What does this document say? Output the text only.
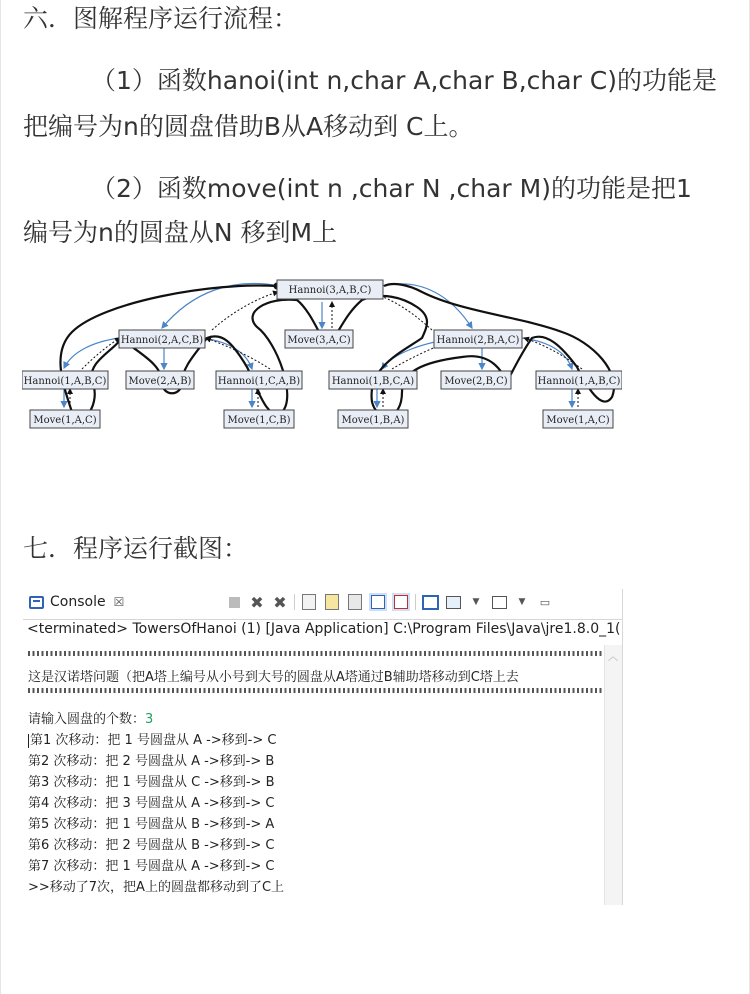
六．图解程序运行流程：
（1）函数hanoi(int n,char A,char B,char C)的功能是
把编号为n的圆盘借助B从A移动到 C上。
（2）函数move(int n ,char N ,char M)的功能是把1
编号为n的圆盘从N 移到M上
Hannoi(3,A,B,C)
Hannoi(2,A,C,B)	Move(3,A,C)	Hannoi(2,B,A,C)
Hannoi(1,A,B,C) Move(2,A,B)	Hannoi(1,C,A,B)	Hannoi(1,B,C,A)	Move(2,B,C)	Hannoi(1,A,B,C)
Move(1,A,C)	Move(1,C,B)	Move(1,B,A)	Move(1,A,C)
七．程序运行截图：
Console ☒	✖ ✖	▼	▼	▭
<terminated> TowersOfHanoi (1) [Java Application] C:\Program Files\Java\jre1.8.0_1(
这是汉诺塔问题（把A塔上编号从小号到大号的圆盘从A塔通过B辅助塔移动到C塔上去
请输入圆盘的个数：3
第1 次移动：把 1 号圆盘从 A ->移到-> C
第2 次移动：把 2 号圆盘从 A ->移到-> B
第3 次移动：把 1 号圆盘从 C ->移到-> B
第4 次移动：把 3 号圆盘从 A ->移到-> C
第5 次移动：把 1 号圆盘从 B ->移到-> A
第6 次移动：把 2 号圆盘从 B ->移到-> C
第7 次移动：把 1 号圆盘从 A ->移到-> C
>>移动了7次，把A上的圆盘都移动到了C上
︿
